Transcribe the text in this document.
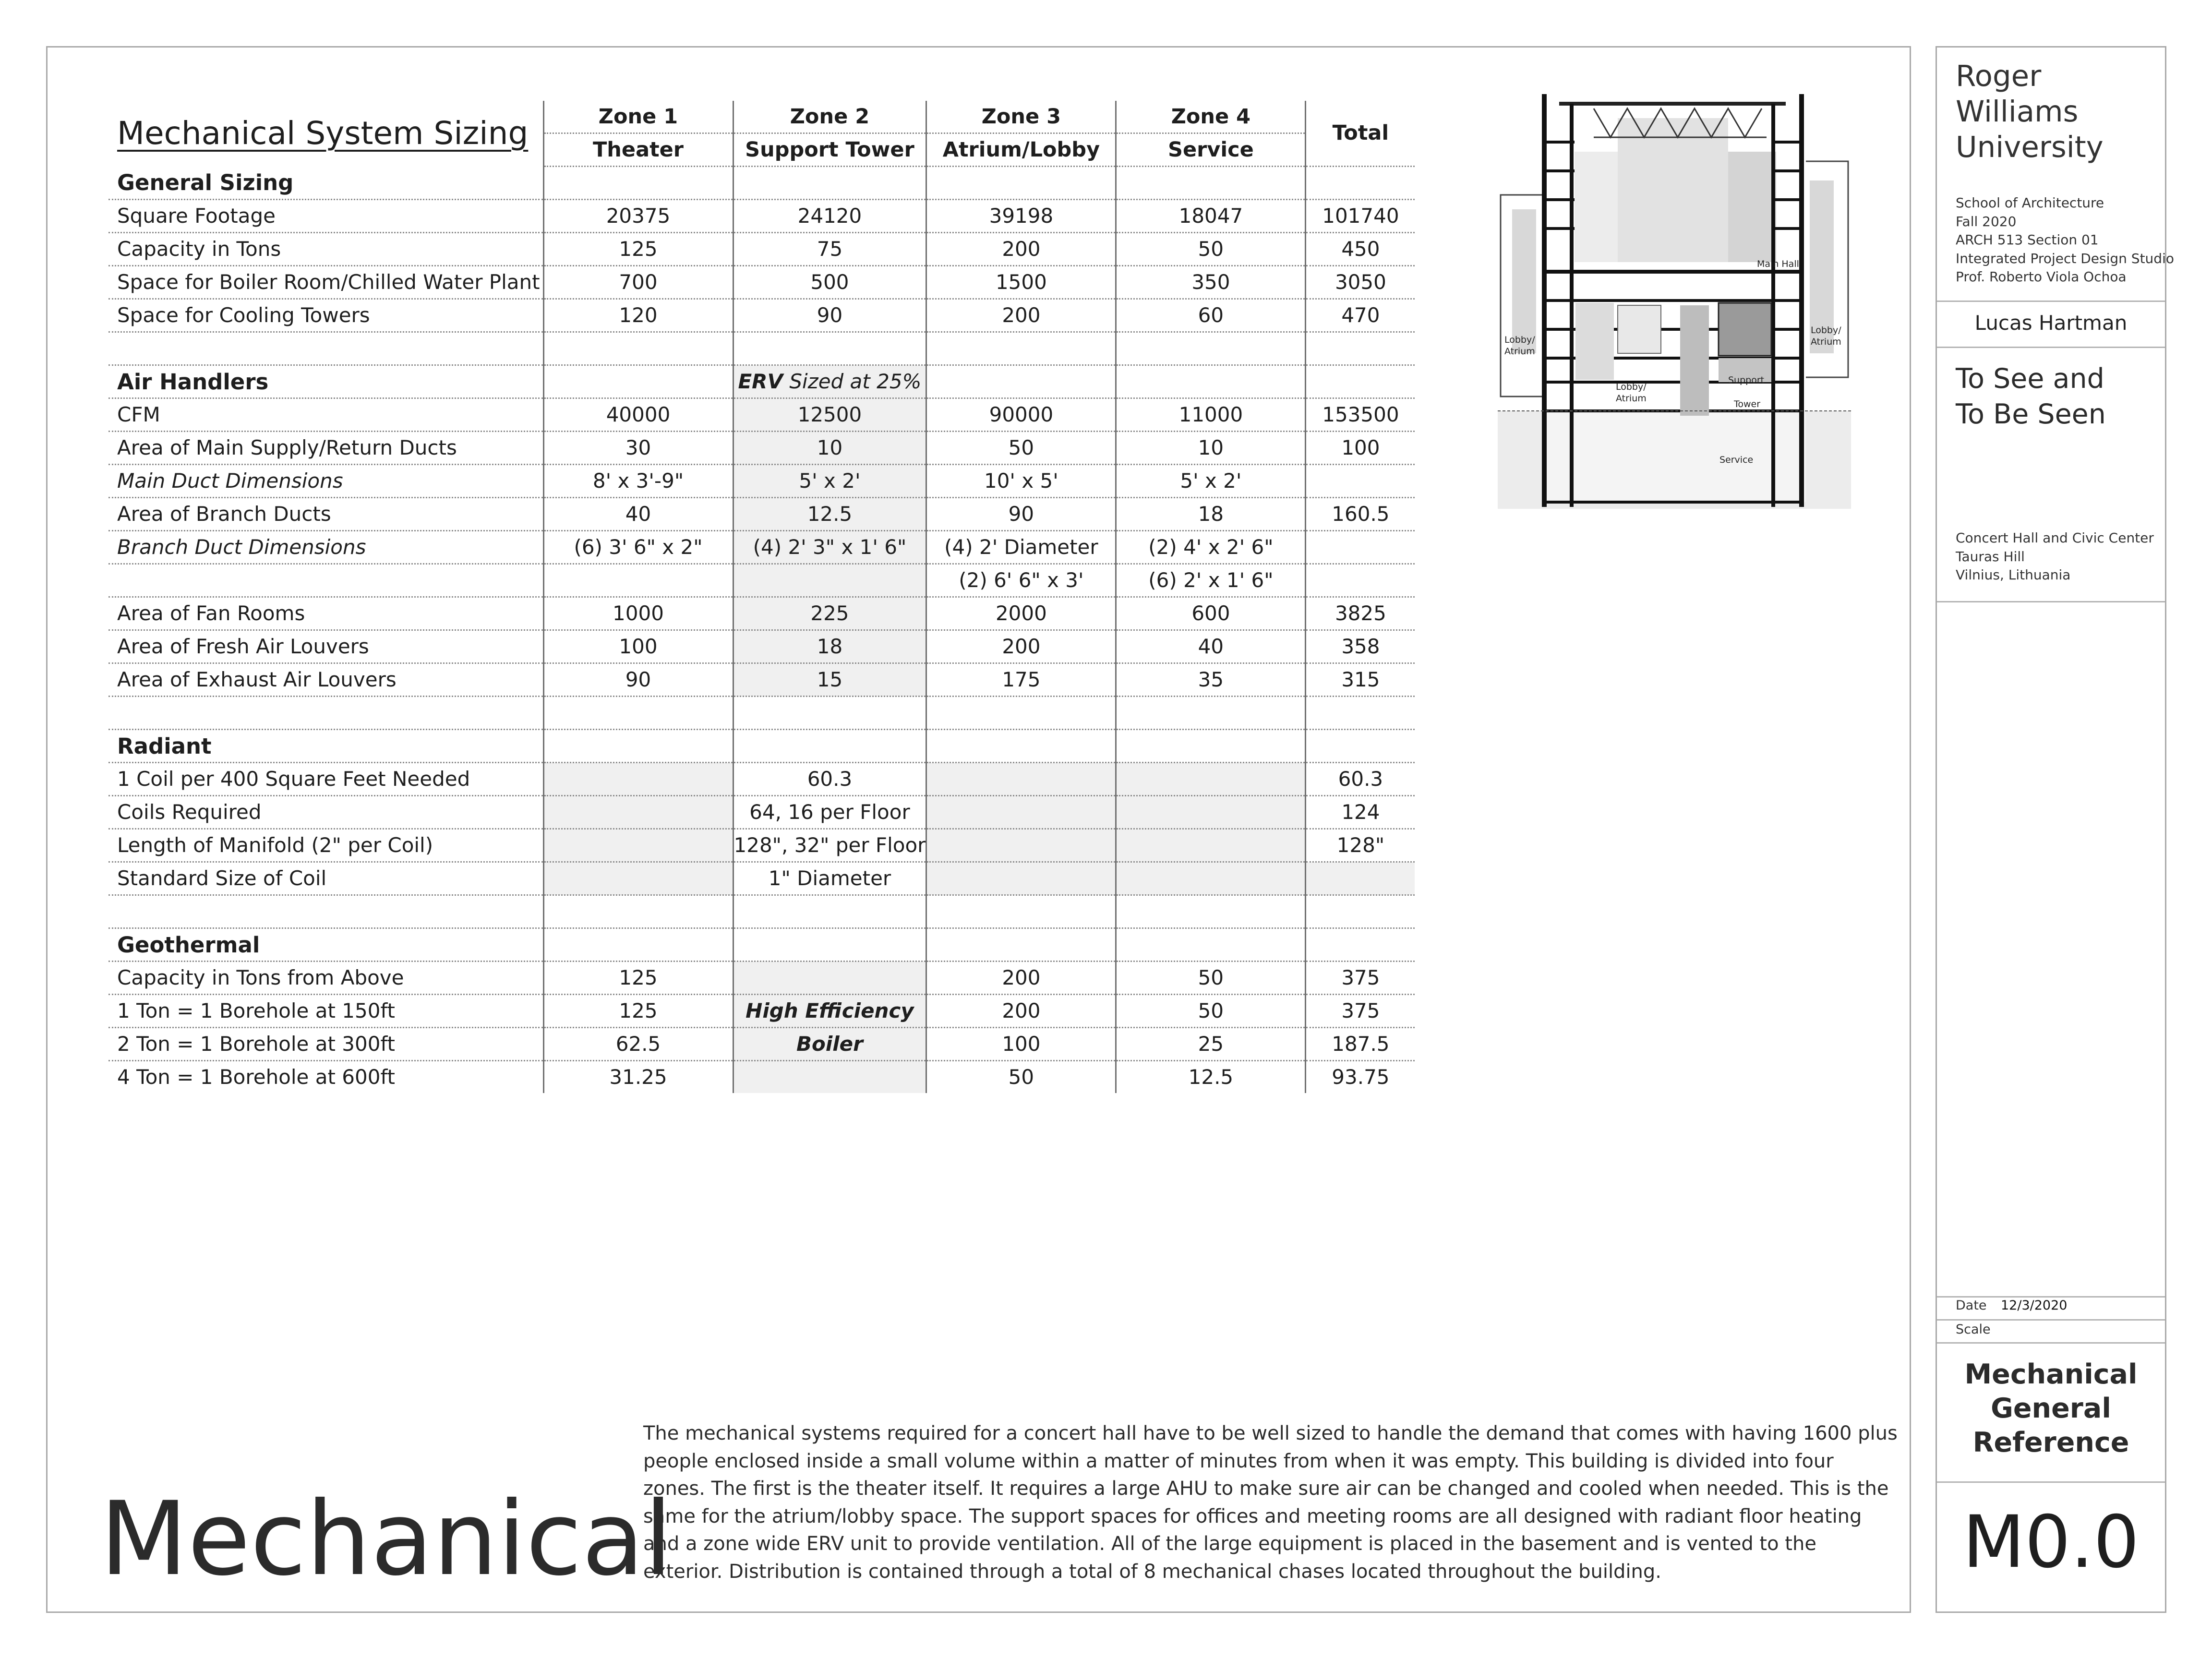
Mechanical System Sizing	Zone 1	Zone 2	Zone 3	Zone 4	Total
	Theater	Support Tower	Atrium/Lobby	Service	
General Sizing					
Square Footage	20375	24120	39198	18047	101740
Capacity in Tons	125	75	200	50	450
Space for Boiler Room/Chilled Water Plant	700	500	1500	350	3050
Space for Cooling Towers	120	90	200	60	470

Air Handlers		ERV Sized at 25%			
CFM	40000	12500	90000	11000	153500
Area of Main Supply/Return Ducts	30	10	50	10	100
Main Duct Dimensions	8' x 3'-9"	5' x 2'	10' x 5'	5' x 2'	
Area of Branch Ducts	40	12.5	90	18	160.5
Branch Duct Dimensions	(6) 3' 6" x 2"	(4) 2' 3" x 1' 6"	(4) 2' Diameter	(2) 4' x 2' 6"	
			(2) 6' 6" x 3'	(6) 2' x 1' 6"	
Area of Fan Rooms	1000	225	2000	600	3825
Area of Fresh Air Louvers	100	18	200	40	358
Area of Exhaust Air Louvers	90	15	175	35	315

Radiant					
1 Coil per 400 Square Feet Needed		60.3			60.3
Coils Required		64, 16 per Floor			124
Length of Manifold (2" per Coil)		128", 32" per Floor			128"
Standard Size of Coil		1" Diameter			

Geothermal					
Capacity in Tons from Above	125		200	50	375
1 Ton = 1 Borehole at 150ft	125	High Efficiency	200	50	375
2 Ton = 1 Borehole at 300ft	62.5	Boiler	100	25	187.5
4 Ton = 1 Borehole at 600ft	31.25		50	12.5	93.75
Main Hall
Lobby/
Atrium
Lobby/
Atrium
Lobby/
Atrium
Support
Tower
Service
Mechanical
The mechanical systems required for a concert hall have to be well sized to handle the demand that comes with having 1600 plus people enclosed inside a small volume within a matter of minutes from when it was empty. This building is divided into four zones. The first is the theater itself. It requires a large AHU to make sure air can be changed and cooled when needed. This is the same for the atrium/lobby space. The support spaces for offices and meeting rooms are all designed with radiant floor heating and a zone wide ERV unit to provide ventilation. All of the large equipment is placed in the basement and is vented to the exterior. Distribution is contained through a total of 8 mechanical chases located throughout the building.
Roger
Williams
University
School of Architecture
Fall 2020
ARCH 513 Section 01
Integrated Project Design Studio
Prof. Roberto Viola Ochoa
Lucas Hartman
To See and
To Be Seen
Concert Hall and Civic Center
Tauras Hill
Vilnius, Lithuania
Date 12/3/2020
Scale
Mechanical
General
Reference
M0.0
